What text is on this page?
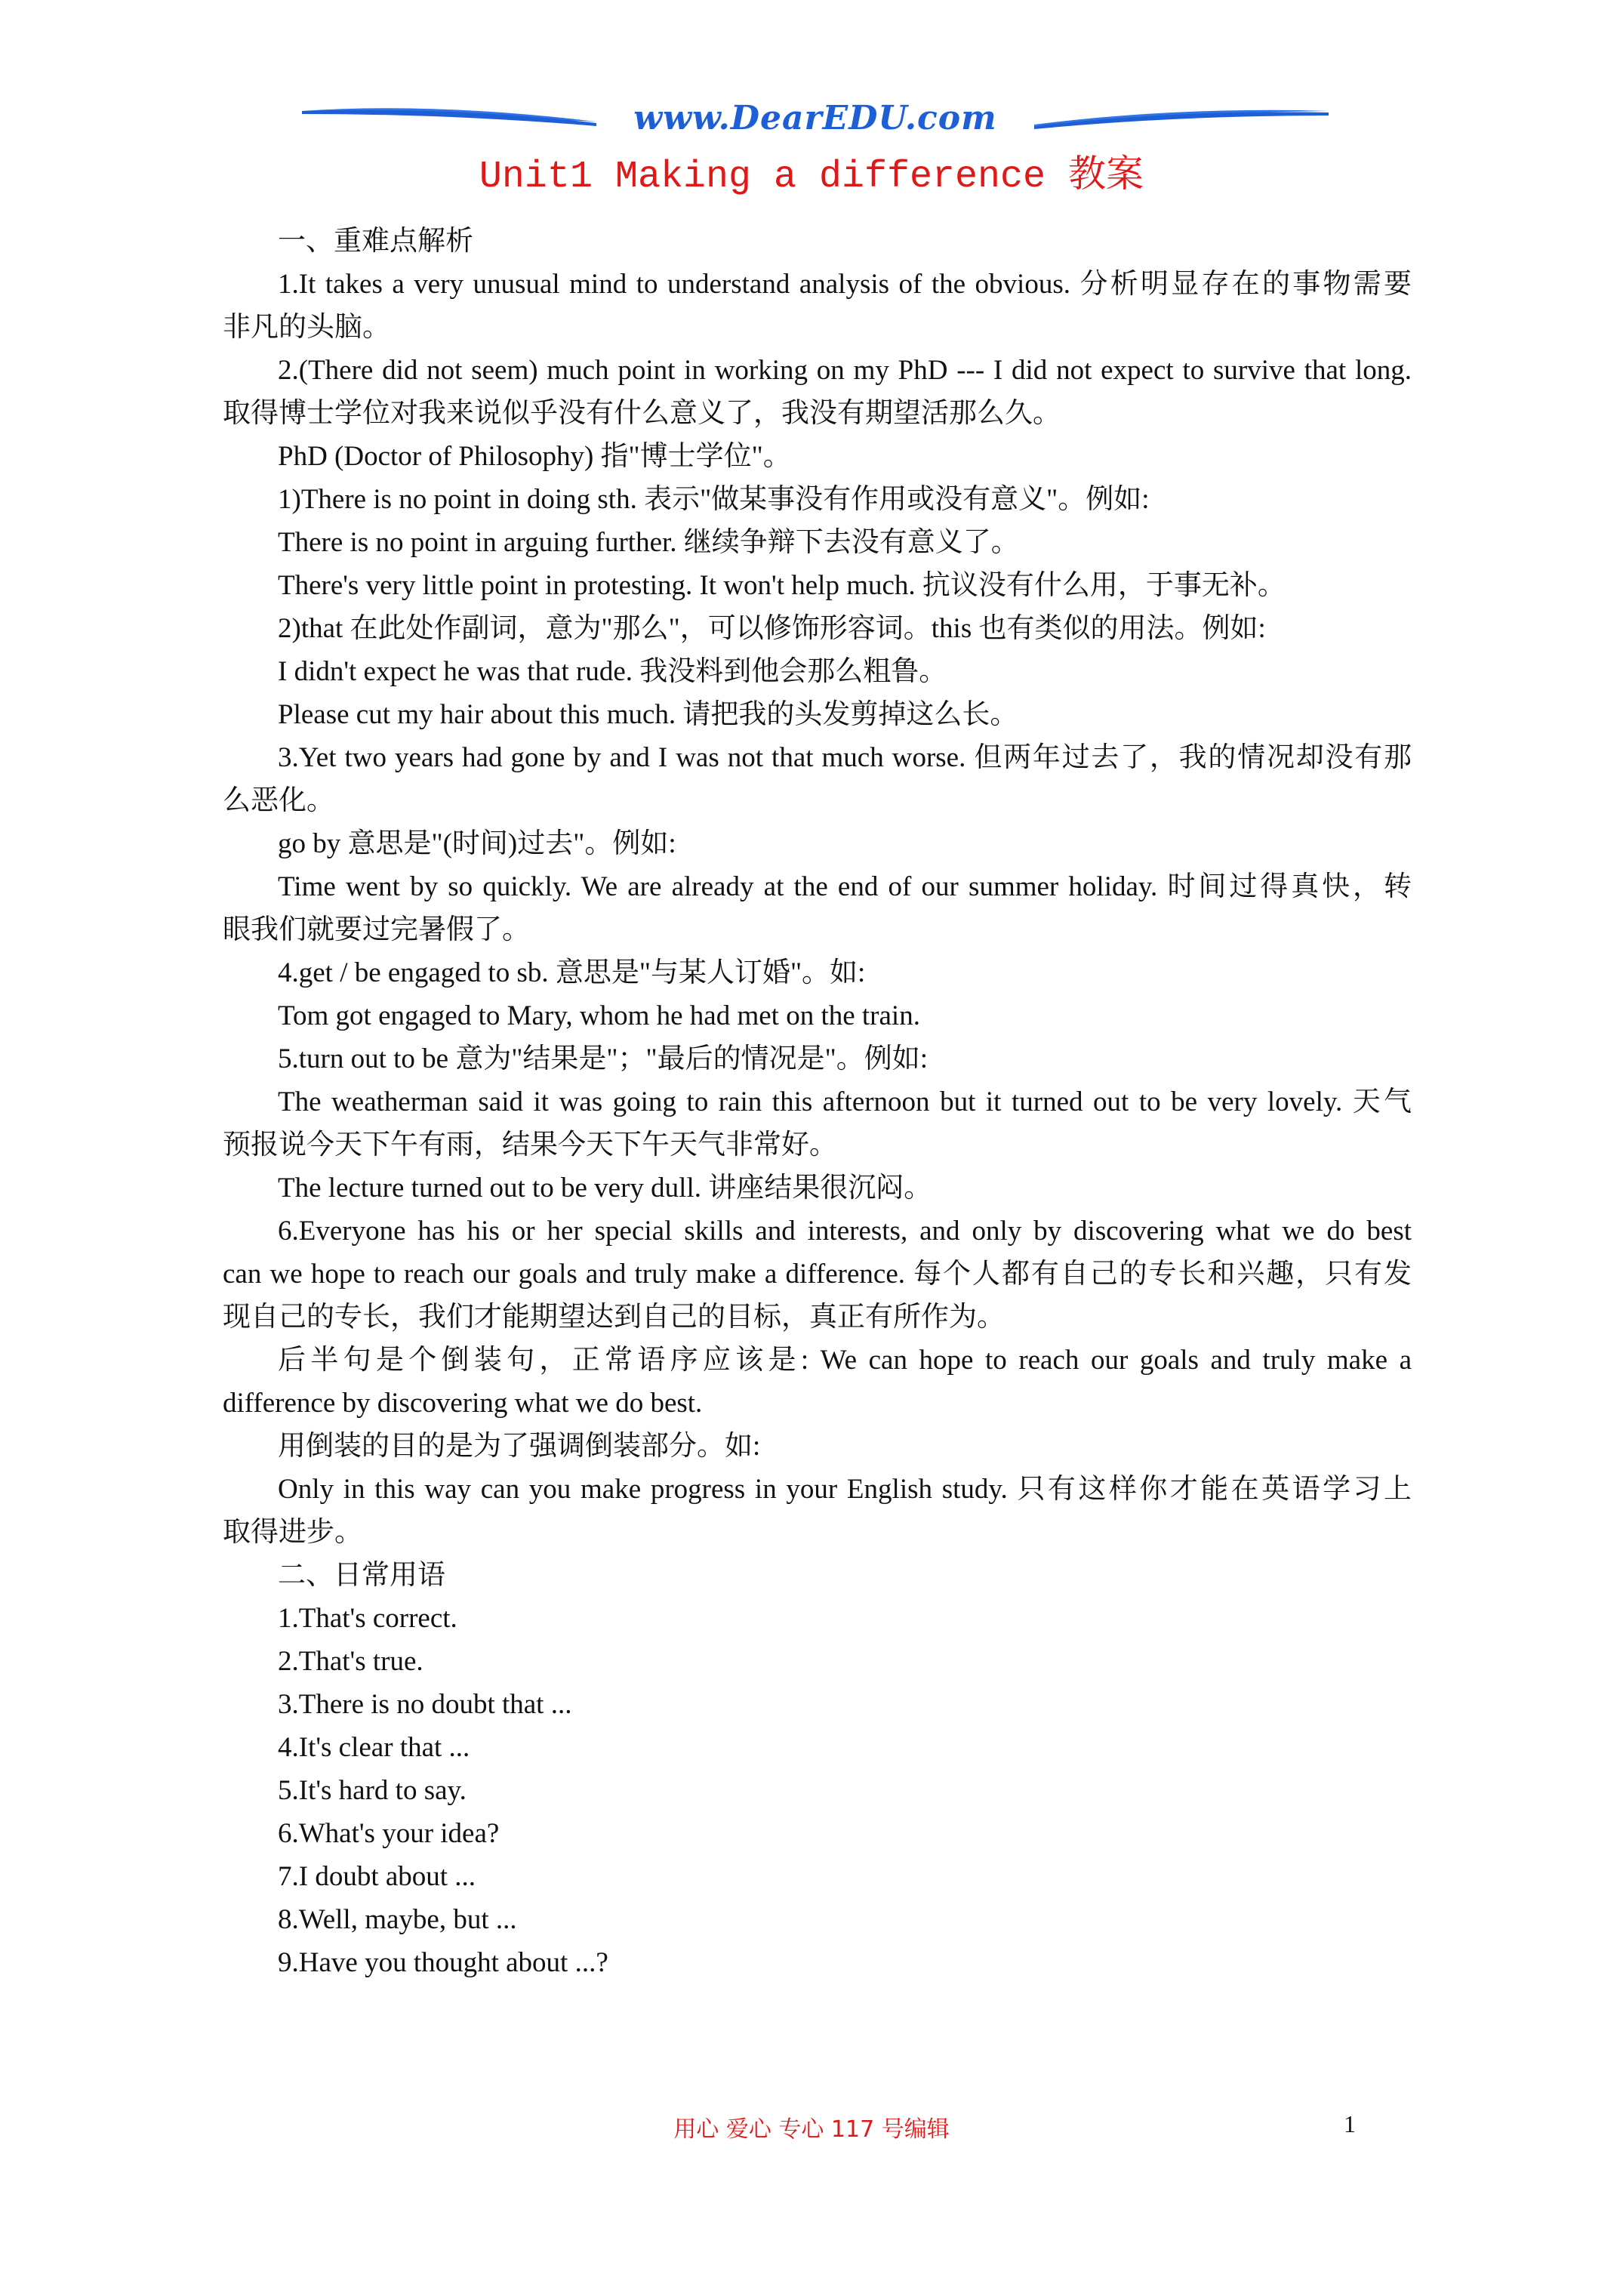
www.DearEDU.com
Unit1 Making a difference 教案
一、重难点解析
1.It takes a very unusual mind to understand analysis of the obvious. 分析明显存在的事物需要
非凡的头脑。
2.(There did not seem) much point in working on my PhD --- I did not expect to survive that long.
取得博士学位对我来说似乎没有什么意义了，我没有期望活那么久。
PhD (Doctor of Philosophy) 指"博士学位"。
1)There is no point in doing sth. 表示"做某事没有作用或没有意义"。例如:
There is no point in arguing further. 继续争辩下去没有意义了。
There's very little point in protesting. It won't help much. 抗议没有什么用，于事无补。
2)that 在此处作副词，意为"那么"，可以修饰形容词。this 也有类似的用法。例如:
I didn't expect he was that rude. 我没料到他会那么粗鲁。
Please cut my hair about this much. 请把我的头发剪掉这么长。
3.Yet two years had gone by and I was not that much worse. 但两年过去了，我的情况却没有那
么恶化。
go by 意思是"(时间)过去"。例如:
Time went by so quickly. We are already at the end of our summer holiday. 时间过得真快，转
眼我们就要过完暑假了。
4.get / be engaged to sb. 意思是"与某人订婚"。如:
Tom got engaged to Mary, whom he had met on the train.
5.turn out to be 意为"结果是"；"最后的情况是"。例如:
The weatherman said it was going to rain this afternoon but it turned out to be very lovely. 天气
预报说今天下午有雨，结果今天下午天气非常好。
The lecture turned out to be very dull. 讲座结果很沉闷。
6.Everyone has his or her special skills and interests, and only by discovering what we do best
can we hope to reach our goals and truly make a difference. 每个人都有自己的专长和兴趣，只有发
现自己的专长，我们才能期望达到自己的目标，真正有所作为。
后半句是个倒装句，正常语序应该是: We can hope to reach our goals and truly make a
difference by discovering what we do best.
用倒装的目的是为了强调倒装部分。如:
Only in this way can you make progress in your English study. 只有这样你才能在英语学习上
取得进步。
二、日常用语
1.That's correct.
2.That's true.
3.There is no doubt that ...
4.It's clear that ...
5.It's hard to say.
6.What's your idea?
7.I doubt about ...
8.Well, maybe, but ...
9.Have you thought about ...?
用心 爱心 专心 117 号编辑	1
